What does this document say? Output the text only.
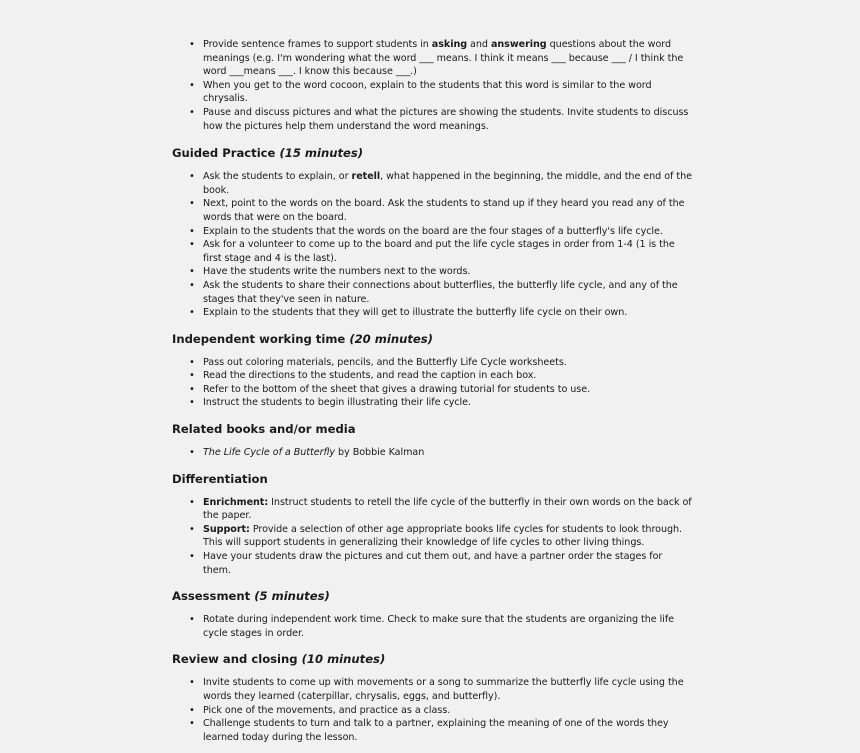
• Provide sentence frames to support students in asking and answering questions about the word meanings (e.g. I'm wondering what the word ___ means. I think it means ___ because ___ / I think the word ___means ___. I know this because ___.)
• When you get to the word cocoon, explain to the students that this word is similar to the word chrysalis.
• Pause and discuss pictures and what the pictures are showing the students. Invite students to discuss how the pictures help them understand the word meanings.
Guided Practice (15 minutes)
• Ask the students to explain, or retell, what happened in the beginning, the middle, and the end of the book.
• Next, point to the words on the board. Ask the students to stand up if they heard you read any of the words that were on the board.
• Explain to the students that the words on the board are the four stages of a butterfly's life cycle.
• Ask for a volunteer to come up to the board and put the life cycle stages in order from 1-4 (1 is the first stage and 4 is the last).
• Have the students write the numbers next to the words.
• Ask the students to share their connections about butterflies, the butterfly life cycle, and any of the stages that they've seen in nature.
• Explain to the students that they will get to illustrate the butterfly life cycle on their own.
Independent working time (20 minutes)
• Pass out coloring materials, pencils, and the Butterfly Life Cycle worksheets.
• Read the directions to the students, and read the caption in each box.
• Refer to the bottom of the sheet that gives a drawing tutorial for students to use.
• Instruct the students to begin illustrating their life cycle.
Related books and/or media
• The Life Cycle of a Butterfly by Bobbie Kalman
Differentiation
• Enrichment: Instruct students to retell the life cycle of the butterfly in their own words on the back of the paper.
• Support: Provide a selection of other age appropriate books life cycles for students to look through. This will support students in generalizing their knowledge of life cycles to other living things.
• Have your students draw the pictures and cut them out, and have a partner order the stages for them.
Assessment (5 minutes)
• Rotate during independent work time. Check to make sure that the students are organizing the life cycle stages in order.
Review and closing (10 minutes)
• Invite students to come up with movements or a song to summarize the butterfly life cycle using the words they learned (caterpillar, chrysalis, eggs, and butterfly).
• Pick one of the movements, and practice as a class.
• Challenge students to turn and talk to a partner, explaining the meaning of one of the words they learned today during the lesson.
